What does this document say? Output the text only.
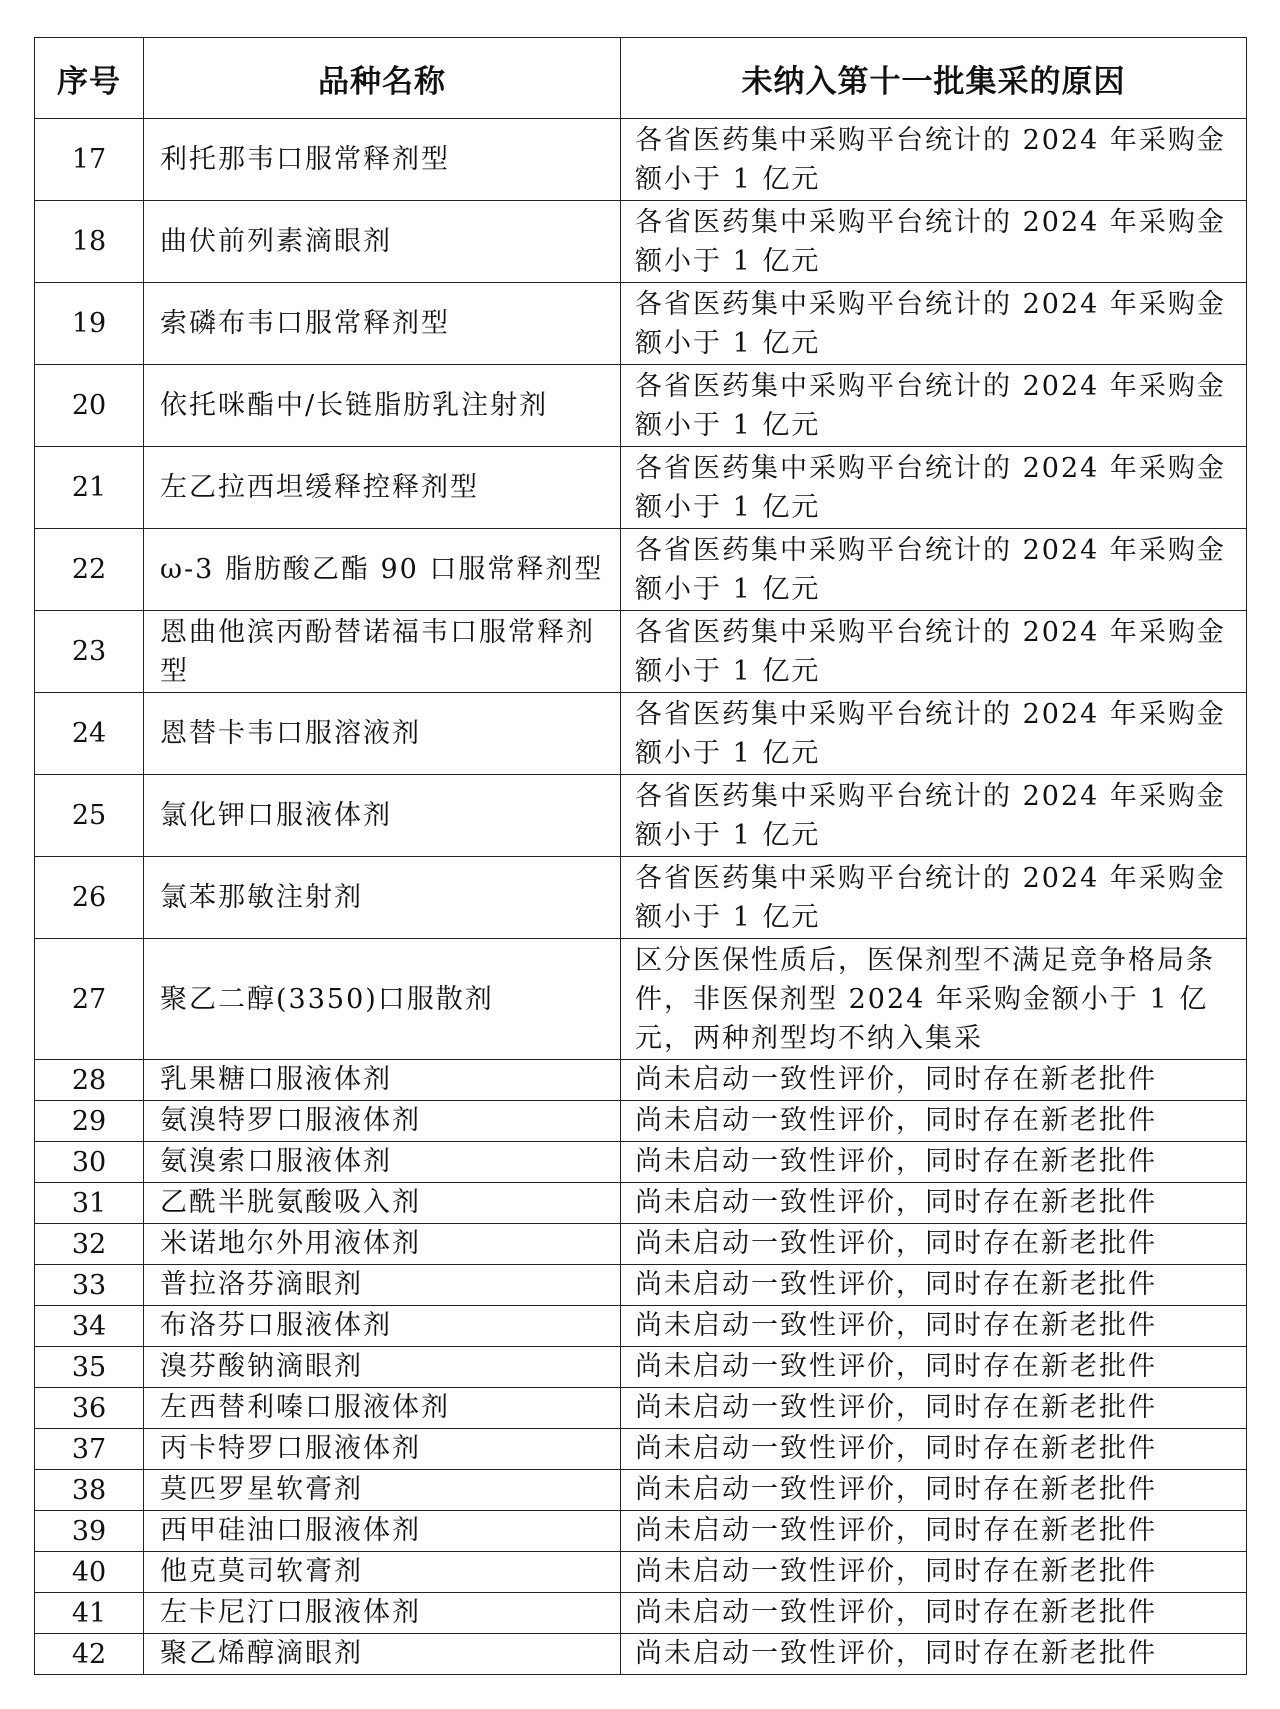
序号	品种名称	未纳入第十一批集采的原因
17	利托那韦口服常释剂型	各省医药集中采购平台统计的 2024 年采购金额小于 1 亿元
18	曲伏前列素滴眼剂	各省医药集中采购平台统计的 2024 年采购金额小于 1 亿元
19	索磷布韦口服常释剂型	各省医药集中采购平台统计的 2024 年采购金额小于 1 亿元
20	依托咪酯中/长链脂肪乳注射剂	各省医药集中采购平台统计的 2024 年采购金额小于 1 亿元
21	左乙拉西坦缓释控释剂型	各省医药集中采购平台统计的 2024 年采购金额小于 1 亿元
22	ω-3 脂肪酸乙酯 90 口服常释剂型	各省医药集中采购平台统计的 2024 年采购金额小于 1 亿元
23	恩曲他滨丙酚替诺福韦口服常释剂型	各省医药集中采购平台统计的 2024 年采购金额小于 1 亿元
24	恩替卡韦口服溶液剂	各省医药集中采购平台统计的 2024 年采购金额小于 1 亿元
25	氯化钾口服液体剂	各省医药集中采购平台统计的 2024 年采购金额小于 1 亿元
26	氯苯那敏注射剂	各省医药集中采购平台统计的 2024 年采购金额小于 1 亿元
27	聚乙二醇(3350)口服散剂	区分医保性质后，医保剂型不满足竞争格局条件，非医保剂型 2024 年采购金额小于 1 亿元，两种剂型均不纳入集采
28	乳果糖口服液体剂	尚未启动一致性评价，同时存在新老批件
29	氨溴特罗口服液体剂	尚未启动一致性评价，同时存在新老批件
30	氨溴索口服液体剂	尚未启动一致性评价，同时存在新老批件
31	乙酰半胱氨酸吸入剂	尚未启动一致性评价，同时存在新老批件
32	米诺地尔外用液体剂	尚未启动一致性评价，同时存在新老批件
33	普拉洛芬滴眼剂	尚未启动一致性评价，同时存在新老批件
34	布洛芬口服液体剂	尚未启动一致性评价，同时存在新老批件
35	溴芬酸钠滴眼剂	尚未启动一致性评价，同时存在新老批件
36	左西替利嗪口服液体剂	尚未启动一致性评价，同时存在新老批件
37	丙卡特罗口服液体剂	尚未启动一致性评价，同时存在新老批件
38	莫匹罗星软膏剂	尚未启动一致性评价，同时存在新老批件
39	西甲硅油口服液体剂	尚未启动一致性评价，同时存在新老批件
40	他克莫司软膏剂	尚未启动一致性评价，同时存在新老批件
41	左卡尼汀口服液体剂	尚未启动一致性评价，同时存在新老批件
42	聚乙烯醇滴眼剂	尚未启动一致性评价，同时存在新老批件
